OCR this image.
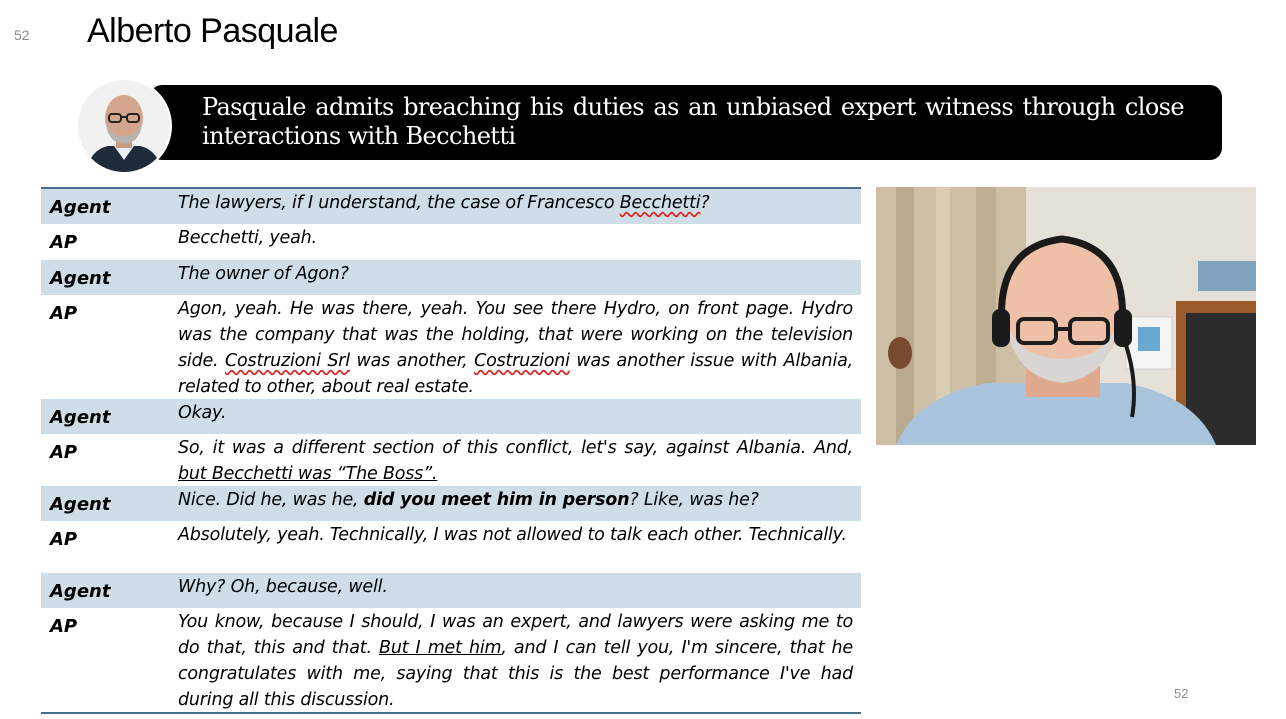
52 Alberto Pasquale
Pasquale admits breaching his duties as an unbiased expert witness through close interactions with Becchetti
Agent	The lawyers, if I understand, the case of Francesco Becchetti?
AP	Becchetti, yeah.
Agent	The owner of Agon?
AP	Agon, yeah. He was there, yeah. You see there Hydro, on front page. Hydro was the company that was the holding, that were working on the television side. Costruzioni Srl was another, Costruzioni was another issue with Albania, related to other, about real estate.
Agent	Okay.
AP	So, it was a different section of this conflict, let's say, against Albania. And, but Becchetti was “The Boss”.
Agent	Nice. Did he, was he, did you meet him in person? Like, was he?
AP	Absolutely, yeah. Technically, I was not allowed to talk each other. Technically.
Agent	Why? Oh, because, well.
AP	You know, because I should, I was an expert, and lawyers were asking me to do that, this and that. But I met him, and I can tell you, I'm sincere, that he congratulates with me, saying that this is the best performance I've had during all this discussion.	52
